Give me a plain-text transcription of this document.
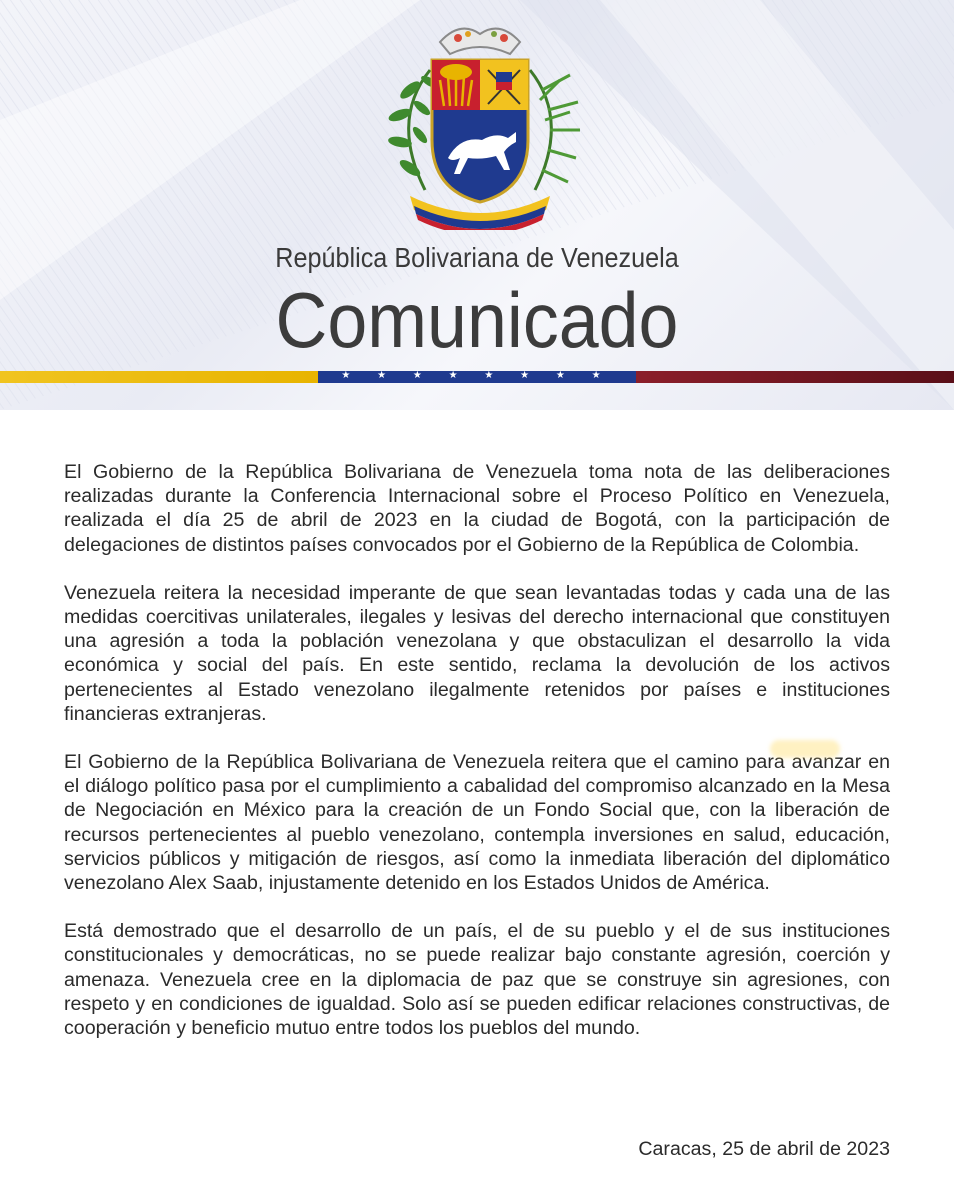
República Bolivariana de Venezuela
Comunicado
★ ★ ★ ★ ★ ★ ★ ★

El Gobierno de la República Bolivariana de Venezuela toma nota de las deliberaciones realizadas durante la Conferencia Internacional sobre el Proceso Político en Venezuela, realizada el día 25 de abril de 2023 en la ciudad de Bogotá, con la participación de delegaciones de distintos países convocados por el Gobierno de la República de Colombia.

Venezuela reitera la necesidad imperante de que sean levantadas todas y cada una de las medidas coercitivas unilaterales, ilegales y lesivas del derecho internacional que constituyen una agresión a toda la población venezolana y que obstaculizan el desarrollo la vida económica y social del país. En este sentido, reclama la devolución de los activos pertenecientes al Estado venezolano ilegalmente retenidos por países e instituciones financieras extranjeras.

El Gobierno de la República Bolivariana de Venezuela reitera que el camino para avanzar en el diálogo político pasa por el cumplimiento a cabalidad del compromiso alcanzado en la Mesa de Negociación en México para la creación de un Fondo Social que, con la liberación de recursos pertenecientes al pueblo venezolano, contempla inversiones en salud, educación, servicios públicos y mitigación de riesgos, así como la inmediata liberación del diplomático venezolano Alex Saab, injustamente detenido en los Estados Unidos de América.

Está demostrado que el desarrollo de un país, el de su pueblo y el de sus instituciones constitucionales y democráticas, no se puede realizar bajo constante agresión, coerción y amenaza. Venezuela cree en la diplomacia de paz que se construye sin agresiones, con respeto y en condiciones de igualdad. Solo así se pueden edificar relaciones constructivas, de cooperación y beneficio mutuo entre todos los pueblos del mundo.

Caracas, 25 de abril de 2023
